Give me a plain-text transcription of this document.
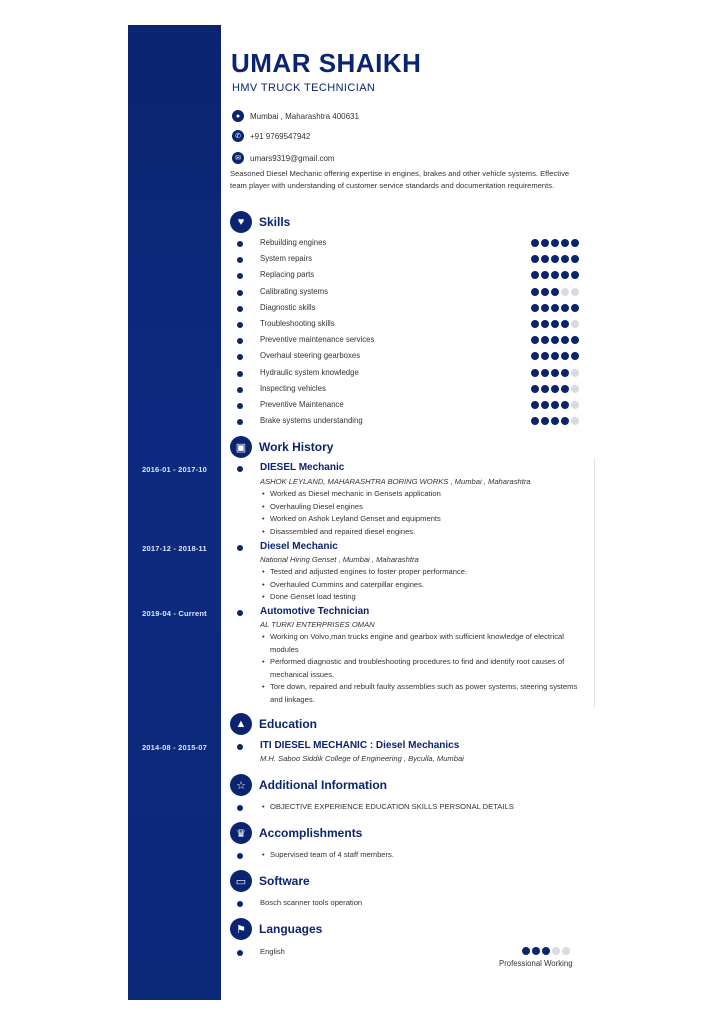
UMAR SHAIKH
HMV TRUCK TECHNICIAN
●	Mumbai , Maharashtra 400631
✆	+91 9769547942
✉	umars9319@gmail.com
Seasoned Diesel Mechanic offering expertise in engines, brakes and other vehicle systems. Effective team player with understanding of customer service standards and documentation requirements.
♥	Skills
Rebuilding engines
System repairs
Replacing parts
Calibrating systems
Diagnostic skills
Troubleshooting skills
Preventive maintenance services
Overhaul steering gearboxes
Hydraulic system knowledge
Inspecting vehicles
Preventive Maintenance
Brake systems understanding
▣	Work History
2016-01 - 2017-10	DIESEL Mechanic
ASHOK LEYLAND, MAHARASHTRA BORING WORKS , Mumbai , Maharashtra
• Worked as Diesel mechanic in Gensets application
• Overhauling Diesel engines
• Worked on Ashok Leyland Genset and equipments
• Disassembled and repaired diesel engines.
2017-12 - 2018-11	Diesel Mechanic
National Hiring Genset , Mumbai , Maharashtra
• Tested and adjusted engines to foster proper performance.
• Overhauled Cummins and caterpillar engines.
• Done Genset load testing
2019-04 - Current	Automotive Technician
AL TURKI ENTERPRISES OMAN
• Working on Volvo,man trucks engine and gearbox with sufficient knowledge of electrical modules
• Performed diagnostic and troubleshooting procedures to find and identify root causes of mechanical issues.
• Tore down, repaired and rebuilt faulty assemblies such as power systems, steering systems and linkages.
▲	Education
2014-08 - 2015-07	ITI DIESEL MECHANIC : Diesel Mechanics
M.H. Saboo Siddik College of Engineering , Byculla, Mumbai
☆	Additional Information
• OBJECTIVE EXPERIENCE EDUCATION SKILLS PERSONAL DETAILS
♛	Accomplishments
• Supervised team of 4 staff members.
▭	Software
Bosch scanner tools operation
⚑	Languages
English
Professional Working
